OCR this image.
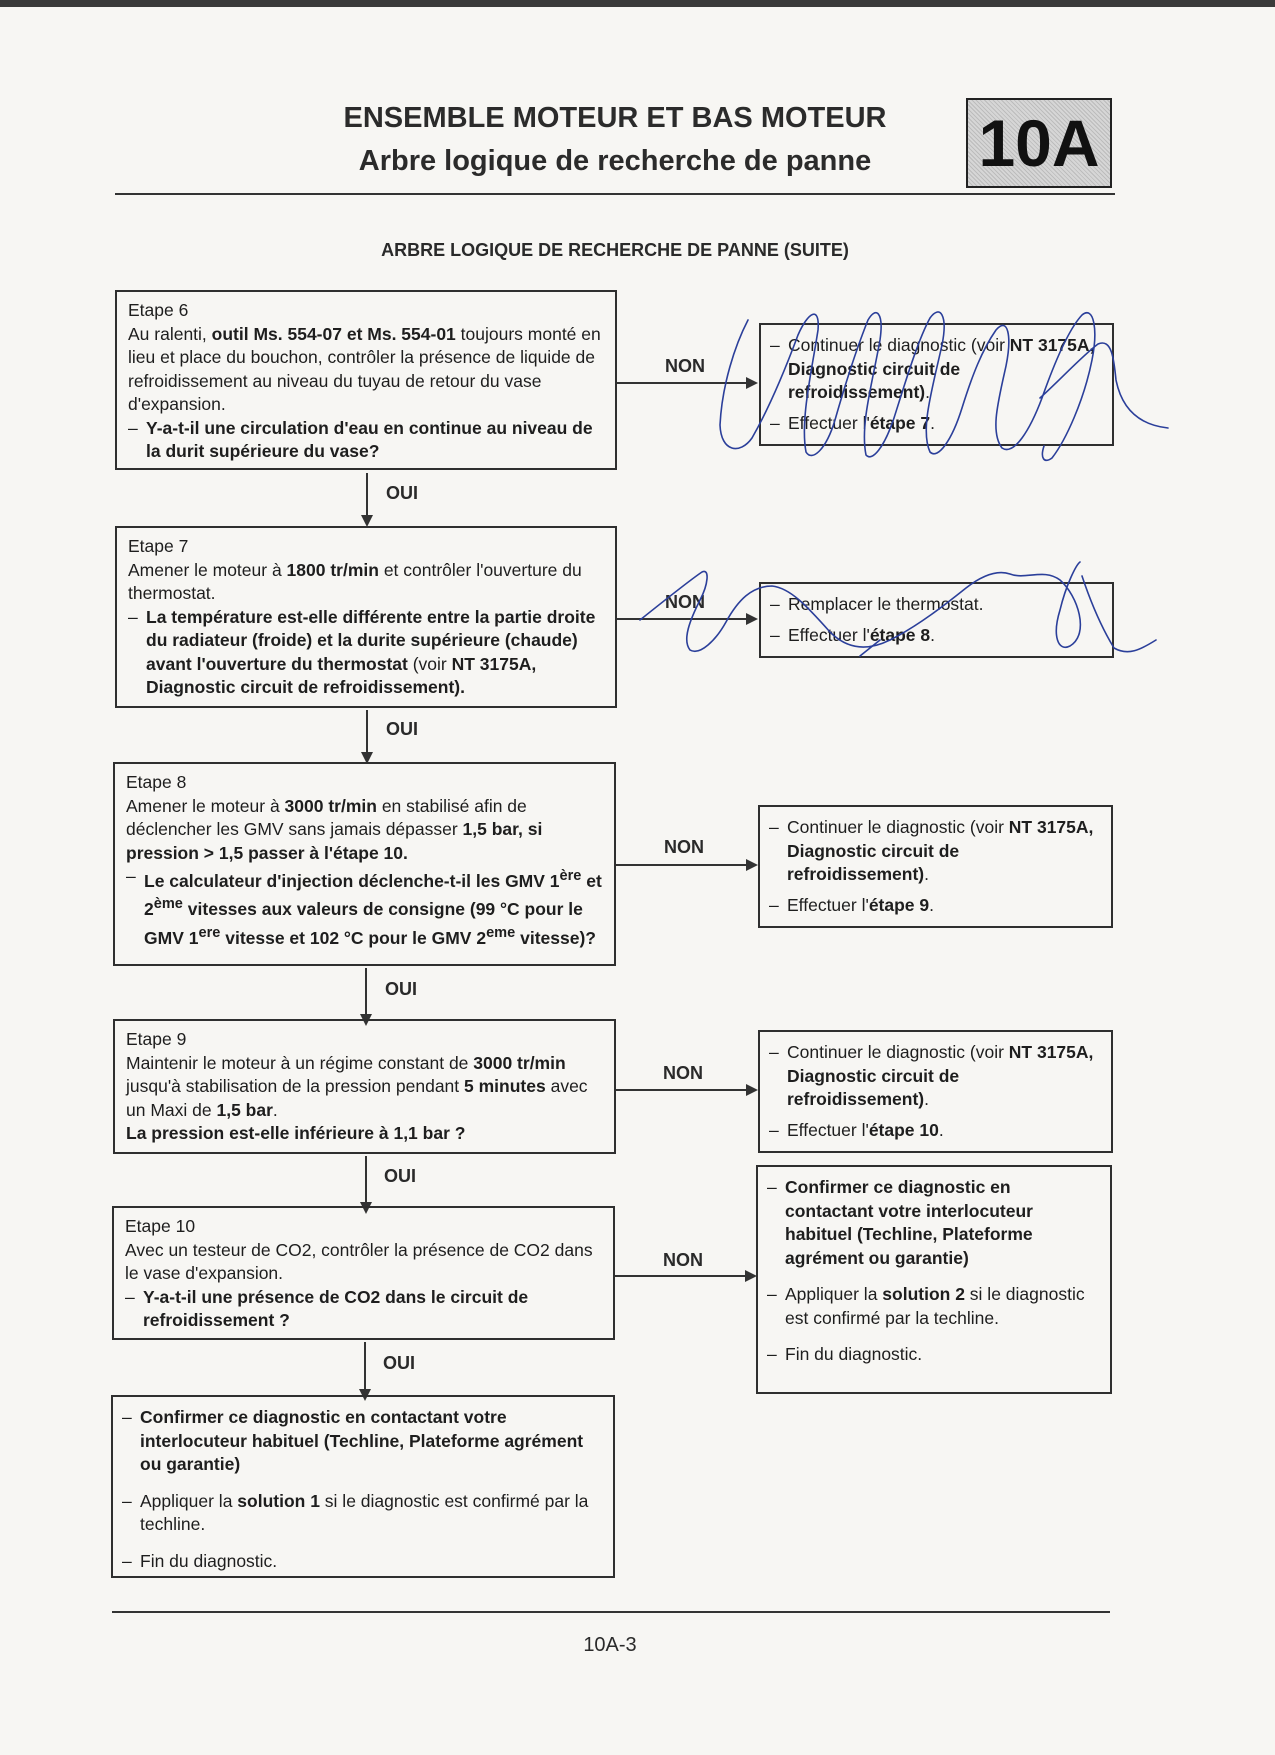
ENSEMBLE MOTEUR ET BAS MOTEUR
Arbre logique de recherche de panne	10A
ARBRE LOGIQUE DE RECHERCHE DE PANNE (SUITE)

Etape 6

Au ralenti, outil Ms. 554-07 et Ms. 554-01 toujours monté en lieu et place du bouchon, contrôler la présence de liquide de refroidissement au niveau du tuyau de retour du vase d'expansion.

– Y-a-t-il une circulation d'eau en continue au niveau de la durit supérieure du vase?
OUI
NON
– Continuer le diagnostic (voir NT 3175A, Diagnostic circuit de refroidissement).
– Effectuer l'étape 7.

Etape 7

Amener le moteur à 1800 tr/min et contrôler l'ouverture du thermostat.

– La température est-elle différente entre la partie droite du radiateur (froide) et la durite supérieure (chaude) avant l'ouverture du thermostat (voir NT 3175A, Diagnostic circuit de refroidissement).
OUI
NON	– Remplacer le thermostat.
– Effectuer l'étape 8.

Etape 8

Amener le moteur à 3000 tr/min en stabilisé afin de déclencher les GMV sans jamais dépasser 1,5 bar, si pression > 1,5 passer à l'étape 10.

– Le calculateur d'injection déclenche-t-il les GMV 1ère et 2ème vitesses aux valeurs de consigne (99 °C pour le GMV 1ere vitesse et 102 °C pour le GMV 2eme vitesse)?
OUI
NON
– Continuer le diagnostic (voir NT 3175A, Diagnostic circuit de refroidissement).
– Effectuer l'étape 9.

Etape 9

Maintenir le moteur à un régime constant de 3000 tr/min jusqu'à stabilisation de la pression pendant 5 minutes avec un Maxi de 1,5 bar.

La pression est-elle inférieure à 1,1 bar ?

OUI
NON
– Continuer le diagnostic (voir NT 3175A, Diagnostic circuit de refroidissement).
– Effectuer l'étape 10.

Etape 10

Avec un testeur de CO2, contrôler la présence de CO2 dans le vase d'expansion.

– Y-a-t-il une présence de CO2 dans le circuit de refroidissement ?
OUI
NON
– Confirmer ce diagnostic en contactant votre interlocuteur habituel (Techline, Plateforme agrément ou garantie)
– Appliquer la solution 2 si le diagnostic est confirmé par la techline.
– Fin du diagnostic.
– Confirmer ce diagnostic en contactant votre interlocuteur habituel (Techline, Plateforme agrément ou garantie)
– Appliquer la solution 1 si le diagnostic est confirmé par la techline.
– Fin du diagnostic.
10A-3
